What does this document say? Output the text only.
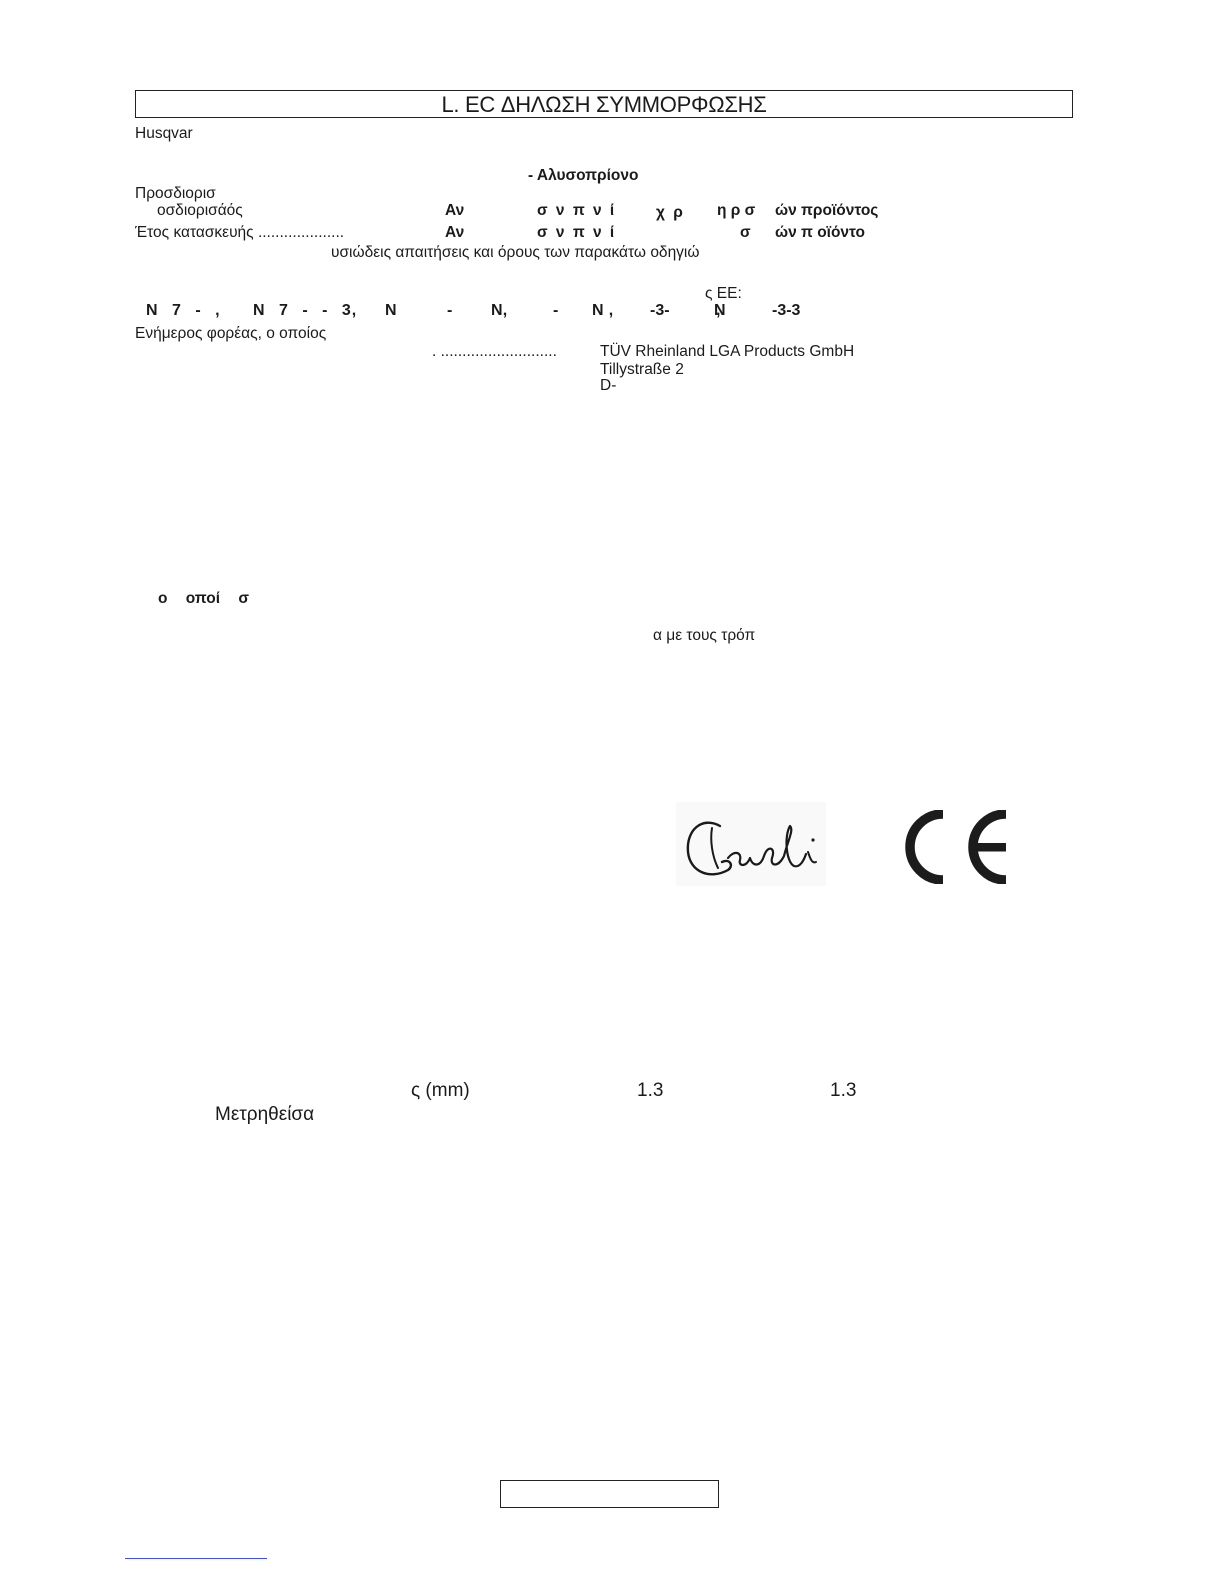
L. EC ΔΗΛΩΣΗ ΣΥΜΜΟΡΦΩΣΗΣ
Husqvar
- Αλυσοπρίονο
Προσδιορισ
οσδιορισάός	Αν	σ ν π ν ί	χ ρ η ρ σ ών προϊόντος
Έτος κατασκευής ....................	Αν	σ ν π ν ί	σ ών π οϊόντο
υσιώδεις απαιτήσεις και όρους των παρακάτω οδηγιώ
ς ΕΕ:
N 7 - , N 7 - - 3, N - ,
N - ,
N -3- ,
N -3-3
Ενήμερος φορέας, ο οποίος
. ...........................	TÜV Rheinland LGA Products GmbH
Tillystraße 2
D-
ο οποί σ
α με τους τρόπ
ς (mm)	1.3	1.3
Μετρηθείσα
